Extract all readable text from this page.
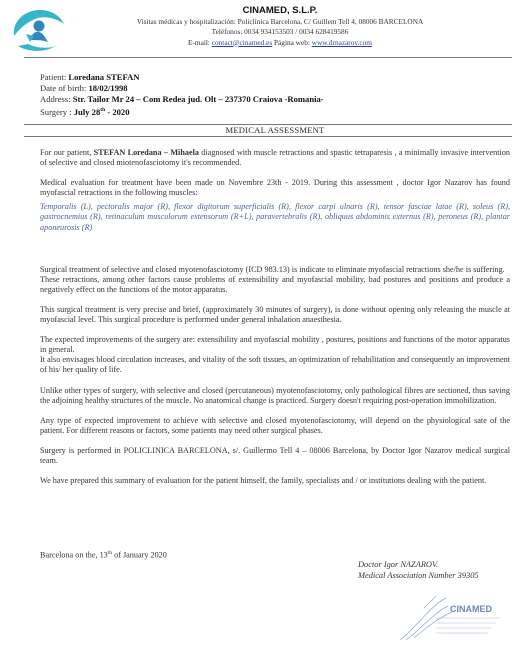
CINAMED, S.L.P.
Visitas médicas y hospitalización: Policlínica Barcelona, C/ Guillem Tell 4, 08006 BARCELONA
Teléfonos: 0034 934153503 / 0034 628419586
E-mail: contact@cinamed.es Página web: www.drnazarov.com
Patient: Loredana STEFAN
Date of birth: 18/02/1998
Address: Str. Tailor Mr 24 – Com Redea jud. Olt – 237370 Craiova -Romania-
Surgery : July 28th - 2020
MEDICAL ASSESSMENT

For our patient, STEFAN Loredana – Mihaela diagnosed with muscle retractions and spastic tetraparesis , a minimally invasive intervention of selective and closed miotenofasciotomy it's recommended.

Medical evaluation for treatment have been made on Novembre 23th - 2019. During this assessment , doctor Igor Nazarov has found myofascial retractions in the following muscles:

Temporalis (L), pectoralis major (R), flexor digitorum superficialis (R), flexor carpi ulnaris (R), tensor fasciae latae (R), soleus (R), gastrocnemius (R), retinaculum musculorum extensorum (R+L), paravertebralis (R), obliquus abdominis externus (R), peroneus (R), plantar aponeurosis (R)

Surgical treatment of selective and closed myotenofasciotomy (ICD 983.13) is indicate to eliminate myofascial retractions she/he is suffering.

These retractions, among other factors cause problems of extensibility and myofascial mobility, bad postures and positions and produce a negatively effect on the functions of the motor apparatus.

This surgical treatment is very precise and brief, (approximately 30 minutes of surgery), is done without opening only releasing the muscle at myofascial level. This surgical procedure is performed under general inhalation anaesthesia.

The expected improvements of the surgery are: extensibility and myofascial mobility , postures, positions and functions of the motor apparatus in general.

It also envisages blood circulation increases, and vitality of the soft tissues, an optimization of rehabilitation and consequently an improvement of his/ her quality of life.

Unlike other types of surgery, with selective and closed (percutaneous) myotenofasciotomy, only pathological fibres are sectioned, thus saving the adjoining healthy structures of the muscle. No anatomical change is practiced. Surgery doesn't requiring post-operation immobilization.

Any type of expected improvement to achieve with selective and closed myotenofasciotomy, will depend on the physiological sate of the patient. For different reasons or factors, some patients may need other surgical phases.

Surgery is performed in POLICLINICA BARCELONA, s/. Guillermo Tell 4 – 08006 Barcelona, by Doctor Igor Nazarov medical surgical team.

We have prepared this summary of evaluation for the patient himself, the family, specialists and / or institutions dealing with the patient.

Barcelona on the, 13th of January 2020
Doctor Igor NAZAROV.
Medical Association Number 39305
CINAMED
